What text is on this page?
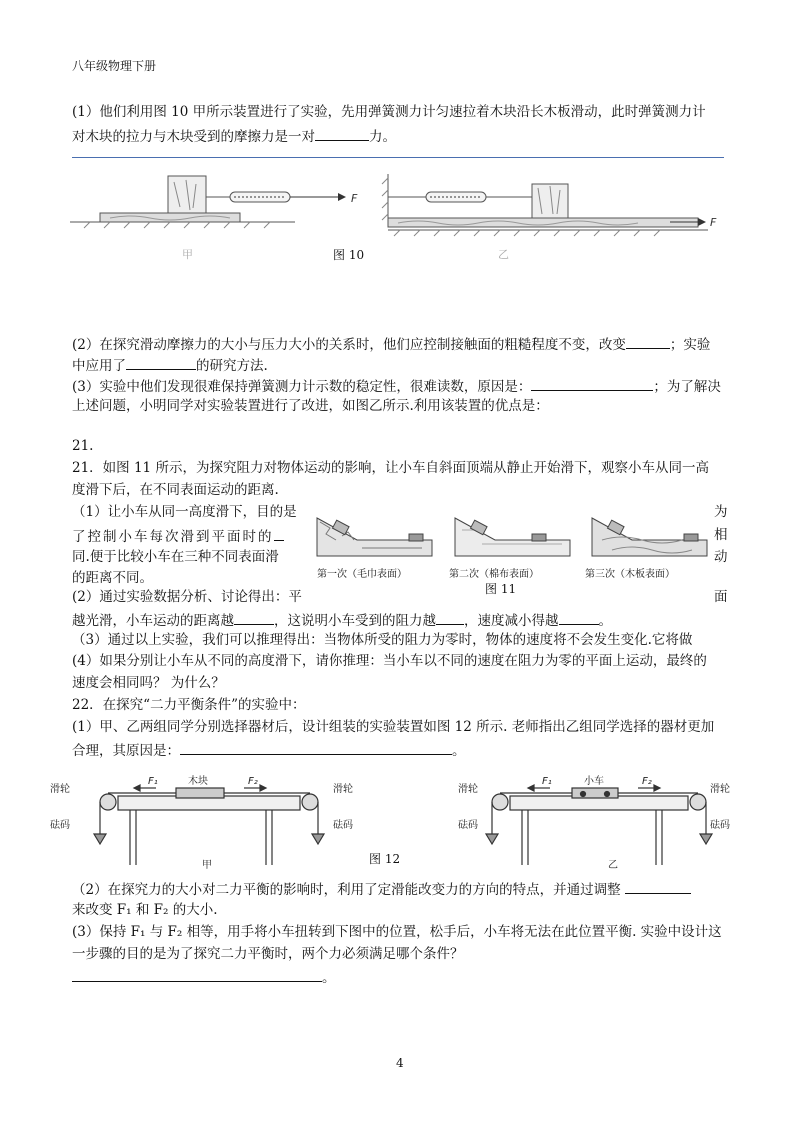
八年级物理下册
(1）他们利用图 10 甲所示装置进行了实验，先用弹簧测力计匀速拉着木块沿长木板滑动，此时弹簧测力计
对木块的拉力与木块受到的摩擦力是一对	力。
F
甲
F
乙
图 10
(2）在探究滑动摩擦力的大小与压力大小的关系时，他们应控制接触面的粗糙程度不变，改变	；实验
中应用了	的研究方法.
(3）实验中他们发现很难保持弹簧测力计示数的稳定性，很难读数，原因是：	；为了解决
上述问题，小明同学对实验装置进行了改进，如图乙所示.利用该装置的优点是：
21.
21．如图 11 所示，为探究阻力对物体运动的影响，让小车自斜面顶端从静止开始滑下，观察小车从同一高
度滑下后，在不同表面运动的距离.
（1）让小车从同一高度滑下，目的是	为
了控制小车每次滑到平面时的	相
同.便于比较小车在三种不同表面滑	动
的距离不同。	第一次（毛巾表面）	第二次（棉布表面）	第三次（木板表面）
图 11
(2）通过实验数据分析、讨论得出：平	面
越光滑，小车运动的距离越	，这说明小车受到的阻力越 ，速度减小得越	。
（3）通过以上实验，我们可以推理得出：当物体所受的阻力为零时，物体的速度将不会发生变化.它将做
(4）如果分别让小车从不同的高度滑下，请你推理：当小车以不同的速度在阻力为零的平面上运动，最终的
速度会相同吗？ 为什么？
22．在探究“二力平衡条件”的实验中：
(1）甲、乙两组同学分别选择器材后，设计组装的实验装置如图 12 所示. 老师指出乙组同学选择的器材更加
合理，其原因是：	。
滑轮	滑轮
砝码	砝码
木块
F₁	F₂
甲
滑轮	滑轮
砝码	砝码
小车
F₁	F₂
乙
图 12
（2）在探究力的大小对二力平衡的影响时，利用了定滑能改变力的方向的特点，并通过调整
来改变 F₁ 和 F₂ 的大小.
(3）保持 F₁ 与 F₂ 相等，用手将小车扭转到下图中的位置，松手后，小车将无法在此位置平衡. 实验中设计这
一步骤的目的是为了探究二力平衡时，两个力必须满足哪个条件？
。
4
